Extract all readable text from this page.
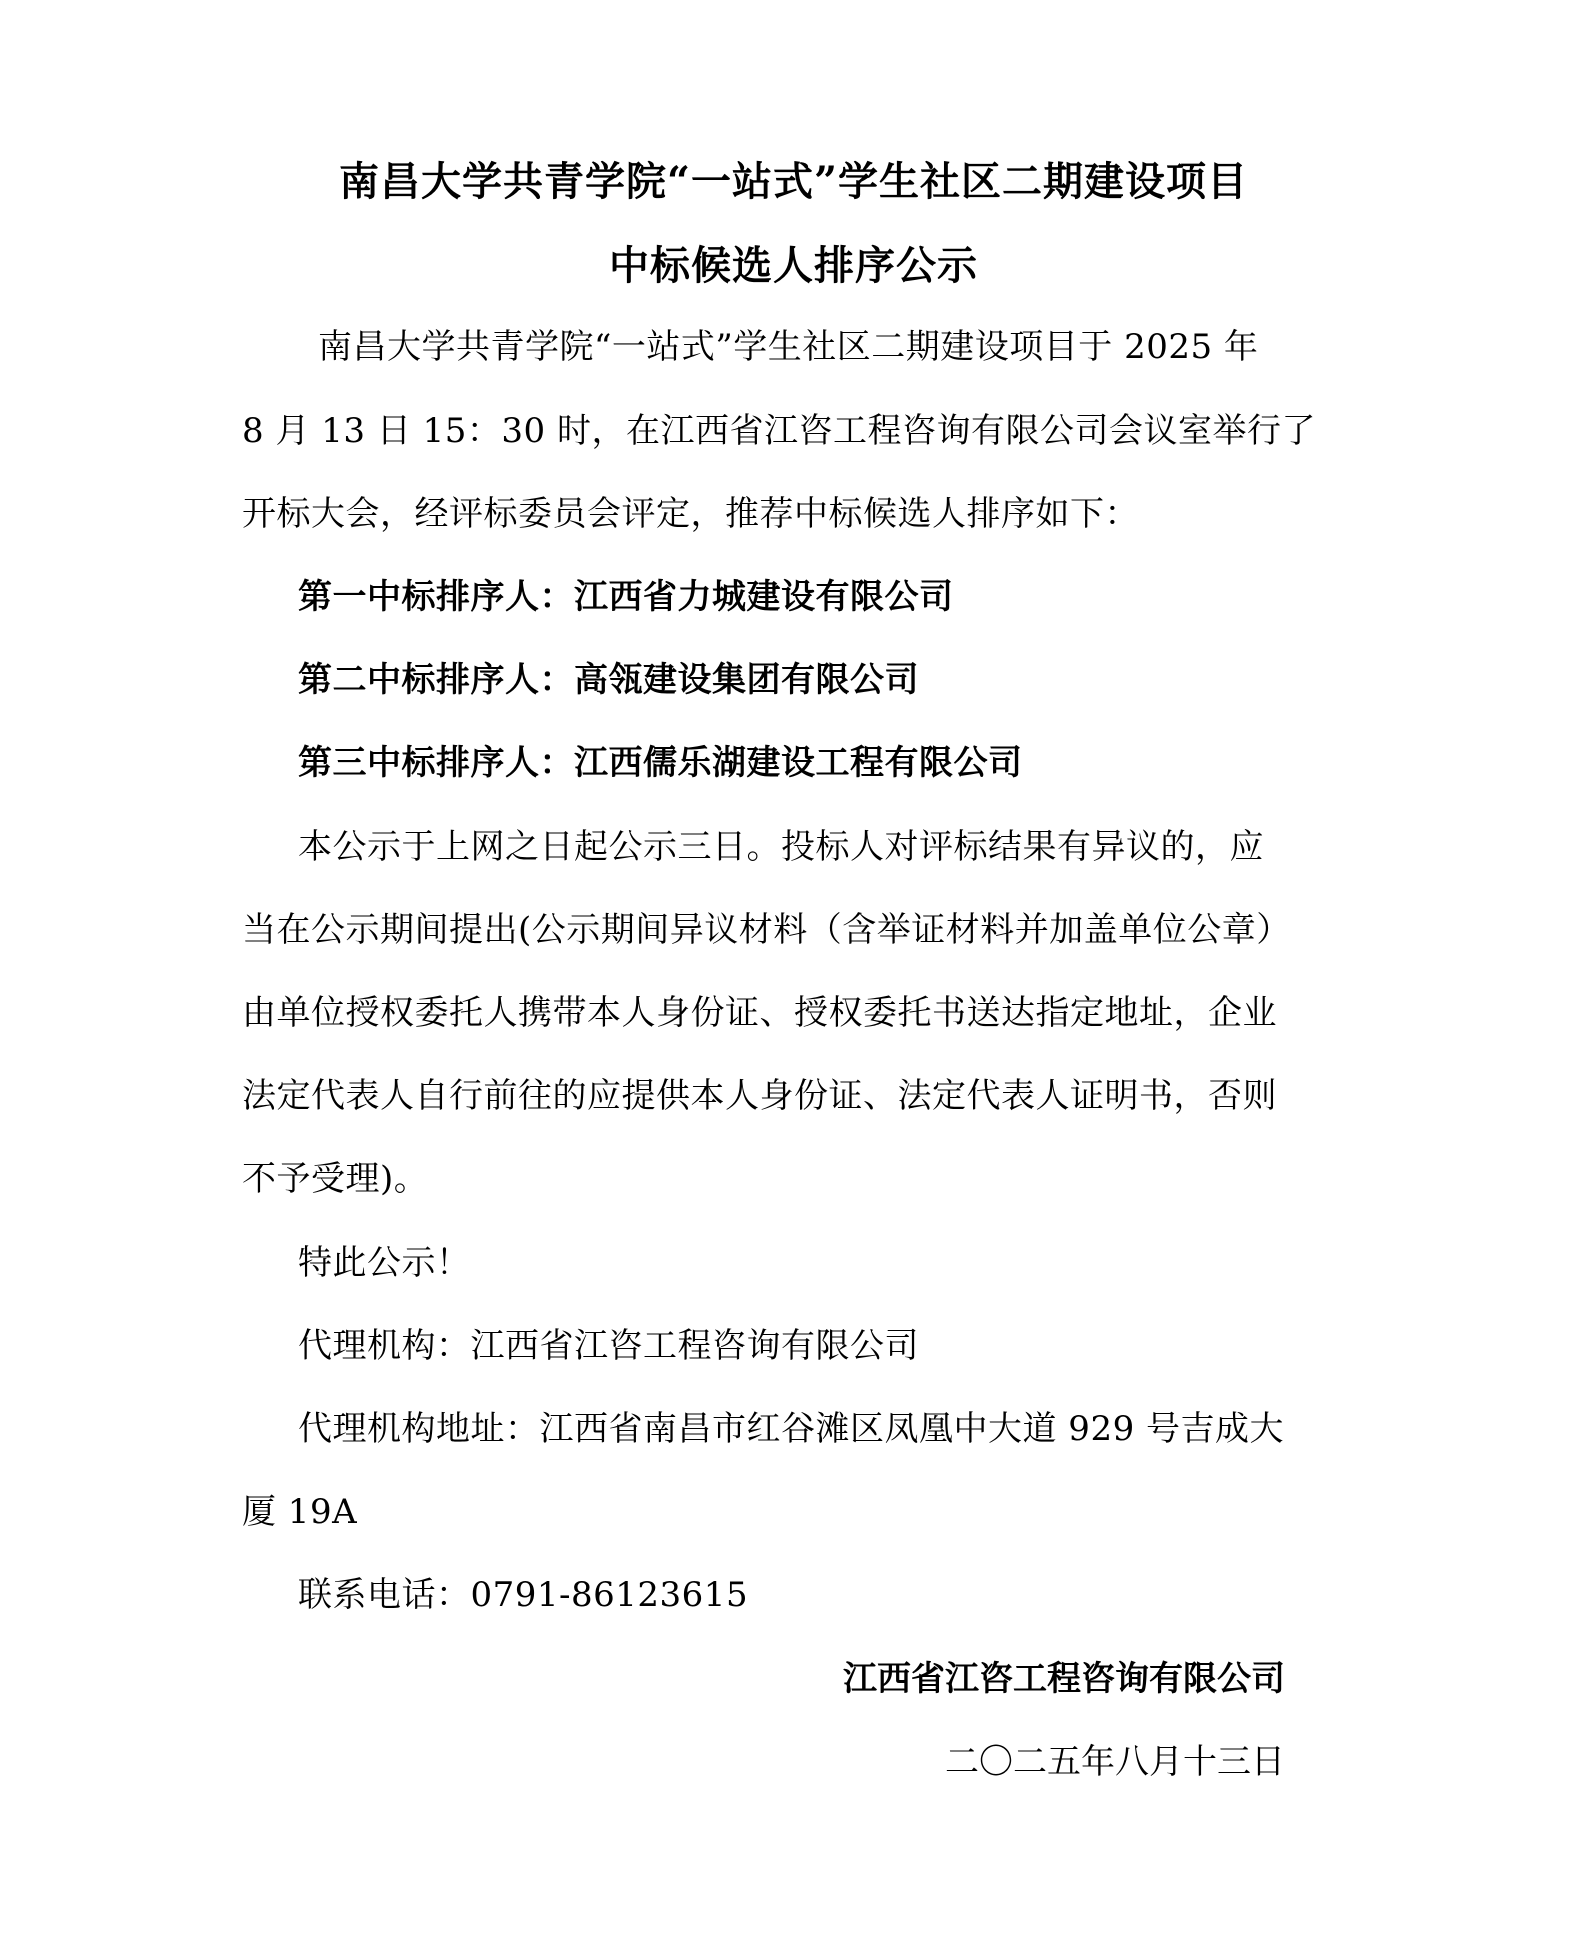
南昌大学共青学院“一站式”学生社区二期建设项目
中标候选人排序公示
南昌大学共青学院“一站式”学生社区二期建设项目于 2025 年
8 月 13 日 15：30 时，在江西省江咨工程咨询有限公司会议室举行了
开标大会，经评标委员会评定，推荐中标候选人排序如下：
第一中标排序人：江西省力城建设有限公司
第二中标排序人：高瓴建设集团有限公司
第三中标排序人：江西儒乐湖建设工程有限公司
本公示于上网之日起公示三日。投标人对评标结果有异议的，应
当在公示期间提出(公示期间异议材料（含举证材料并加盖单位公章）
由单位授权委托人携带本人身份证、授权委托书送达指定地址，企业
法定代表人自行前往的应提供本人身份证、法定代表人证明书，否则
不予受理)。
特此公示！
代理机构：江西省江咨工程咨询有限公司
代理机构地址：江西省南昌市红谷滩区凤凰中大道 929 号吉成大
厦 19A
联系电话：0791-86123615
江西省江咨工程咨询有限公司
二〇二五年八月十三日
